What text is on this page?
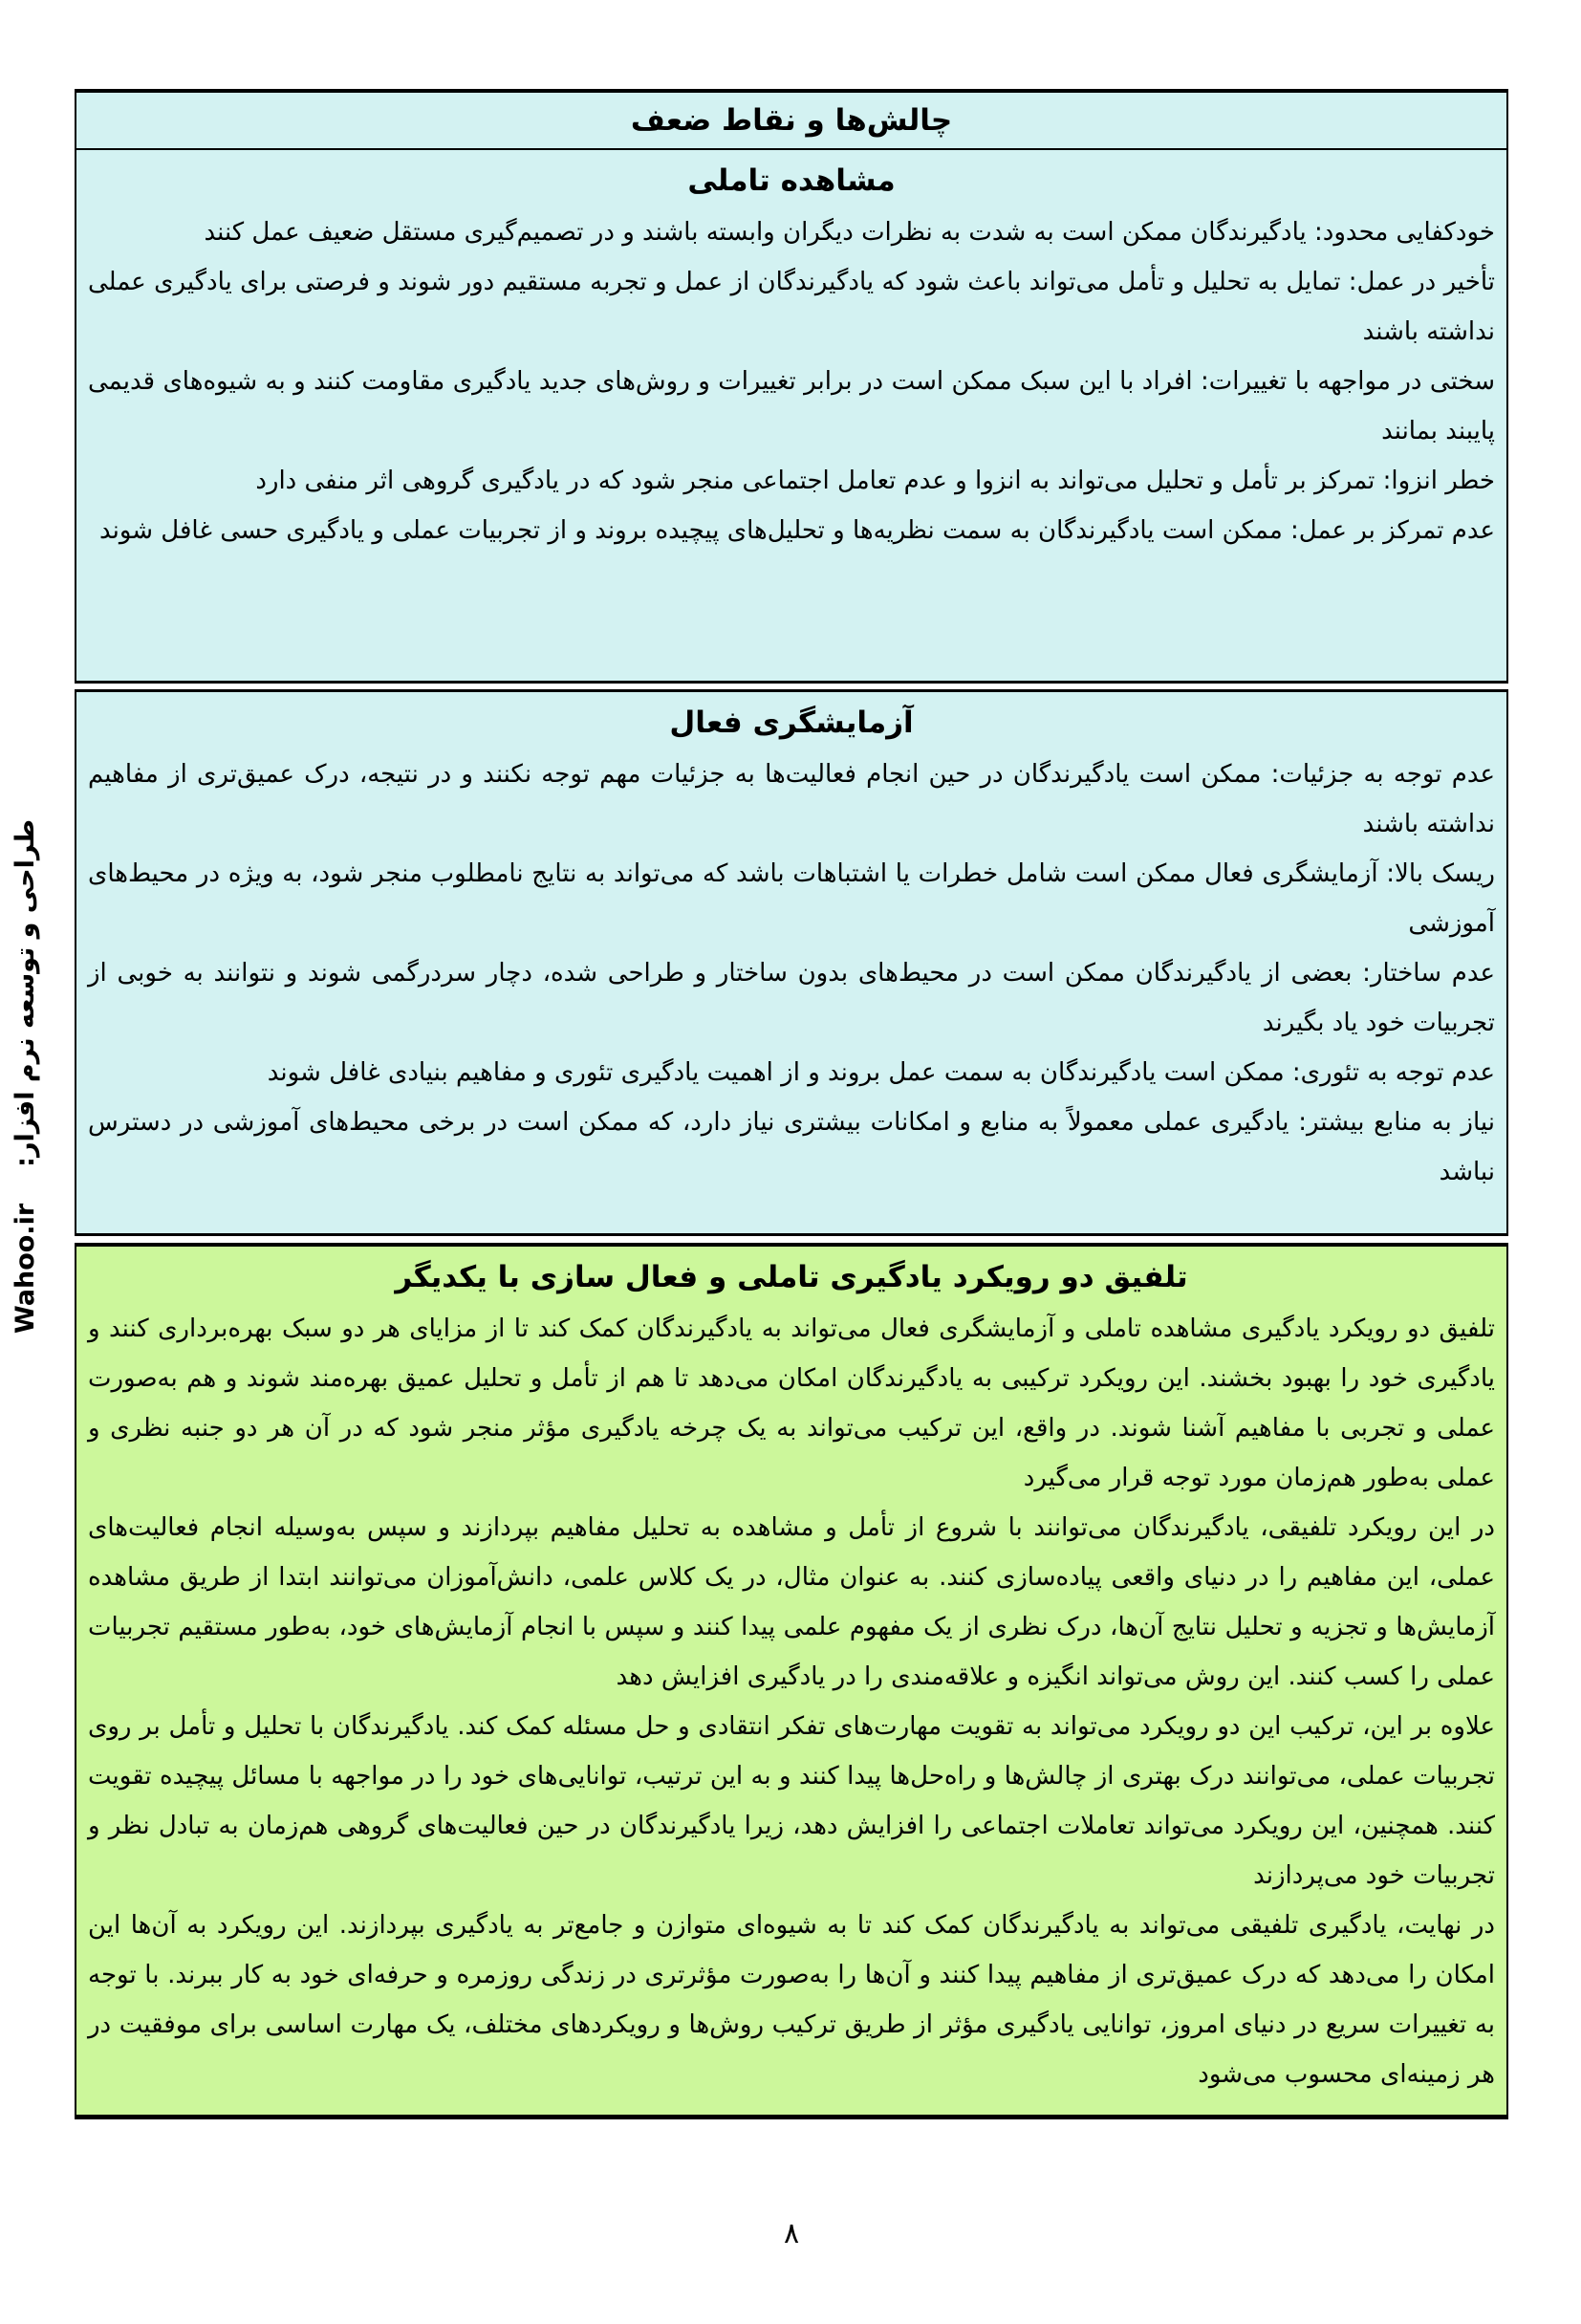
طراحی و توسعه نرم افزار:
Wahoo.ir
چالش‌ها و نقاط ضعف
مشاهده تاملی

خودکفایی محدود: یادگیرندگان ممکن است به شدت به نظرات دیگران وابسته باشند و در تصمیم‌گیری مستقل ضعیف عمل کنند

تأخیر در عمل: تمایل به تحلیل و تأمل می‌تواند باعث شود که یادگیرندگان از عمل و تجربه مستقیم دور شوند و فرصتی برای یادگیری عملی نداشته باشند

سختی در مواجهه با تغییرات: افراد با این سبک ممکن است در برابر تغییرات و روش‌های جدید یادگیری مقاومت کنند و به شیوه‌های قدیمی پایبند بمانند

خطر انزوا: تمرکز بر تأمل و تحلیل می‌تواند به انزوا و عدم تعامل اجتماعی منجر شود که در یادگیری گروهی اثر منفی دارد

عدم تمرکز بر عمل: ممکن است یادگیرندگان به سمت نظریه‌ها و تحلیل‌های پیچیده بروند و از تجربیات عملی و یادگیری حسی غافل شوند

آزمایشگری فعال

عدم توجه به جزئیات: ممکن است یادگیرندگان در حین انجام فعالیت‌ها به جزئیات مهم توجه نکنند و در نتیجه، درک عمیق‌تری از مفاهیم نداشته باشند

ریسک بالا: آزمایشگری فعال ممکن است شامل خطرات یا اشتباهات باشد که می‌تواند به نتایج نامطلوب منجر شود، به ویژه در محیط‌های آموزشی

عدم ساختار: بعضی از یادگیرندگان ممکن است در محیط‌های بدون ساختار و طراحی شده، دچار سردرگمی شوند و نتوانند به خوبی از تجربیات خود یاد بگیرند

عدم توجه به تئوری: ممکن است یادگیرندگان به سمت عمل بروند و از اهمیت یادگیری تئوری و مفاهیم بنیادی غافل شوند

نیاز به منابع بیشتر: یادگیری عملی معمولاً به منابع و امکانات بیشتری نیاز دارد، که ممکن است در برخی محیط‌های آموزشی در دسترس نباشد

تلفیق دو رویکرد یادگیری تاملی و فعال سازی با یکدیگر

تلفیق دو رویکرد یادگیری مشاهده تاملی و آزمایشگری فعال می‌تواند به یادگیرندگان کمک کند تا از مزایای هر دو سبک بهره‌برداری کنند و یادگیری خود را بهبود بخشند. این رویکرد ترکیبی به یادگیرندگان امکان می‌دهد تا هم از تأمل و تحلیل عمیق بهره‌مند شوند و هم به‌صورت عملی و تجربی با مفاهیم آشنا شوند. در واقع، این ترکیب می‌تواند به یک چرخه یادگیری مؤثر منجر شود که در آن هر دو جنبه نظری و عملی به‌طور هم‌زمان مورد توجه قرار می‌گیرد

در این رویکرد تلفیقی، یادگیرندگان می‌توانند با شروع از تأمل و مشاهده به تحلیل مفاهیم بپردازند و سپس به‌وسیله انجام فعالیت‌های عملی، این مفاهیم را در دنیای واقعی پیاده‌سازی کنند. به عنوان مثال، در یک کلاس علمی، دانش‌آموزان می‌توانند ابتدا از طریق مشاهده آزمایش‌ها و تجزیه و تحلیل نتایج آن‌ها، درک نظری از یک مفهوم علمی پیدا کنند و سپس با انجام آزمایش‌های خود، به‌طور مستقیم تجربیات عملی را کسب کنند. این روش می‌تواند انگیزه و علاقه‌مندی را در یادگیری افزایش دهد

علاوه بر این، ترکیب این دو رویکرد می‌تواند به تقویت مهارت‌های تفکر انتقادی و حل مسئله کمک کند. یادگیرندگان با تحلیل و تأمل بر روی تجربیات عملی، می‌توانند درک بهتری از چالش‌ها و راه‌حل‌ها پیدا کنند و به این ترتیب، توانایی‌های خود را در مواجهه با مسائل پیچیده تقویت کنند. همچنین، این رویکرد می‌تواند تعاملات اجتماعی را افزایش دهد، زیرا یادگیرندگان در حین فعالیت‌های گروهی هم‌زمان به تبادل نظر و تجربیات خود می‌پردازند

در نهایت، یادگیری تلفیقی می‌تواند به یادگیرندگان کمک کند تا به شیوه‌ای متوازن و جامع‌تر به یادگیری بپردازند. این رویکرد به آن‌ها این امکان را می‌دهد که درک عمیق‌تری از مفاهیم پیدا کنند و آن‌ها را به‌صورت مؤثرتری در زندگی روزمره و حرفه‌ای خود به کار ببرند. با توجه به تغییرات سریع در دنیای امروز، توانایی یادگیری مؤثر از طریق ترکیب روش‌ها و رویکردهای مختلف، یک مهارت اساسی برای موفقیت در هر زمینه‌ای محسوب می‌شود

۸
